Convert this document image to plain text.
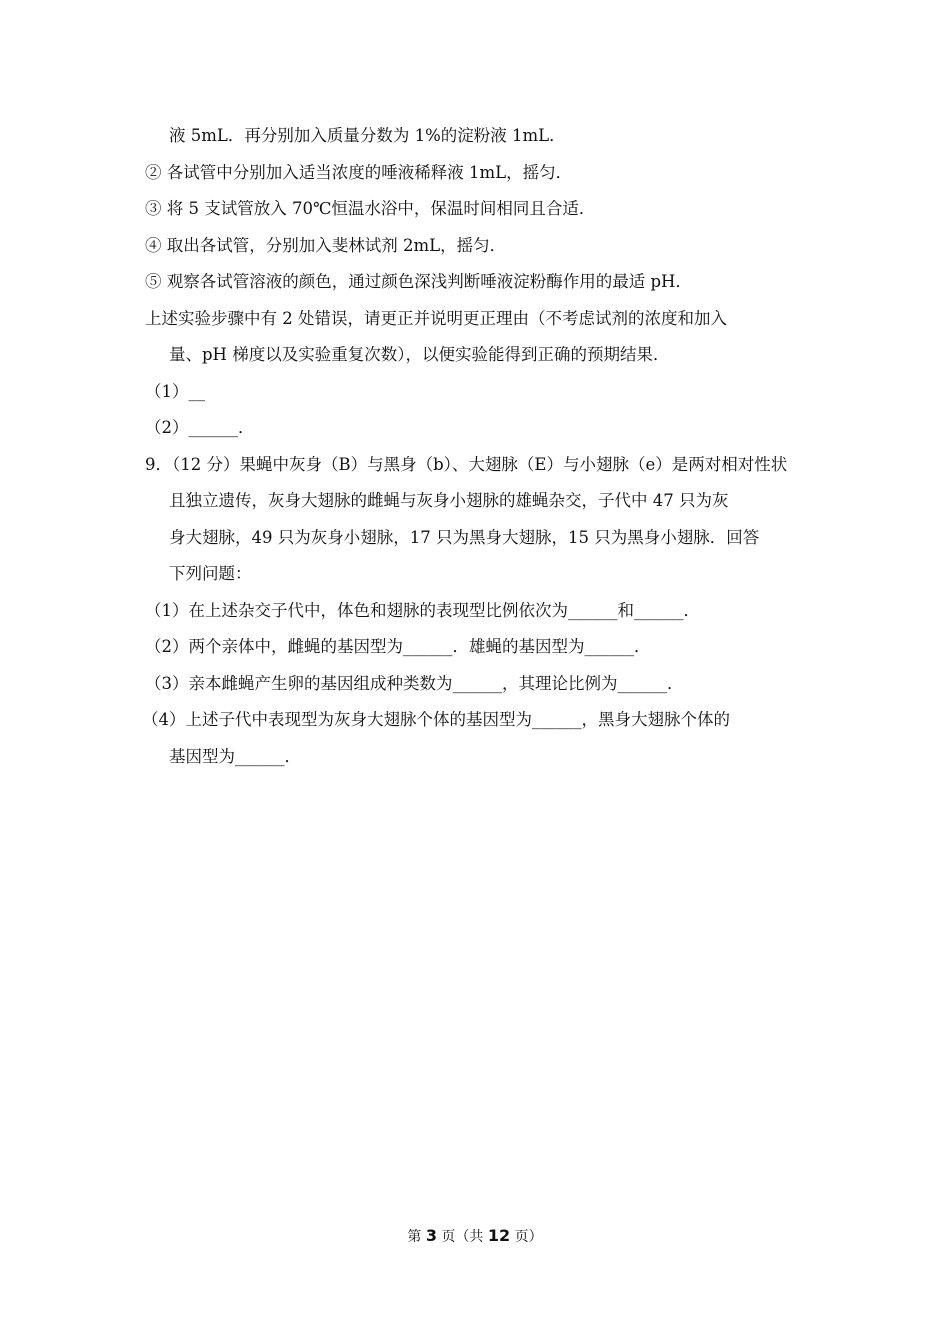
液 5mL．再分别加入质量分数为 1%的淀粉液 1mL．
② 各试管中分别加入适当浓度的唾液稀释液 1mL，摇匀．
③ 将 5 支试管放入 70℃恒温水浴中，保温时间相同且合适．
④ 取出各试管，分别加入斐林试剂 2mL，摇匀．
⑤ 观察各试管溶液的颜色，通过颜色深浅判断唾液淀粉酶作用的最适 pH．
上述实验步骤中有 2 处错误，请更正并说明更正理由（不考虑试剂的浓度和加入
量、pH 梯度以及实验重复次数），以便实验能得到正确的预期结果．
（1）__
（2）______．
9．（12 分）果蝇中灰身（B）与黑身（b）、大翅脉（E）与小翅脉（e）是两对相对性状
且独立遗传，灰身大翅脉的雌蝇与灰身小翅脉的雄蝇杂交，子代中 47 只为灰
身大翅脉，49 只为灰身小翅脉，17 只为黑身大翅脉，15 只为黑身小翅脉．回答
下列问题：
（1）在上述杂交子代中，体色和翅脉的表现型比例依次为______和______．
（2）两个亲体中，雌蝇的基因型为______．雄蝇的基因型为______．
（3）亲本雌蝇产生卵的基因组成种类数为______，其理论比例为______．
（4）上述子代中表现型为灰身大翅脉个体的基因型为______，黑身大翅脉个体的
基因型为______．
第 3 页（共 12 页）
